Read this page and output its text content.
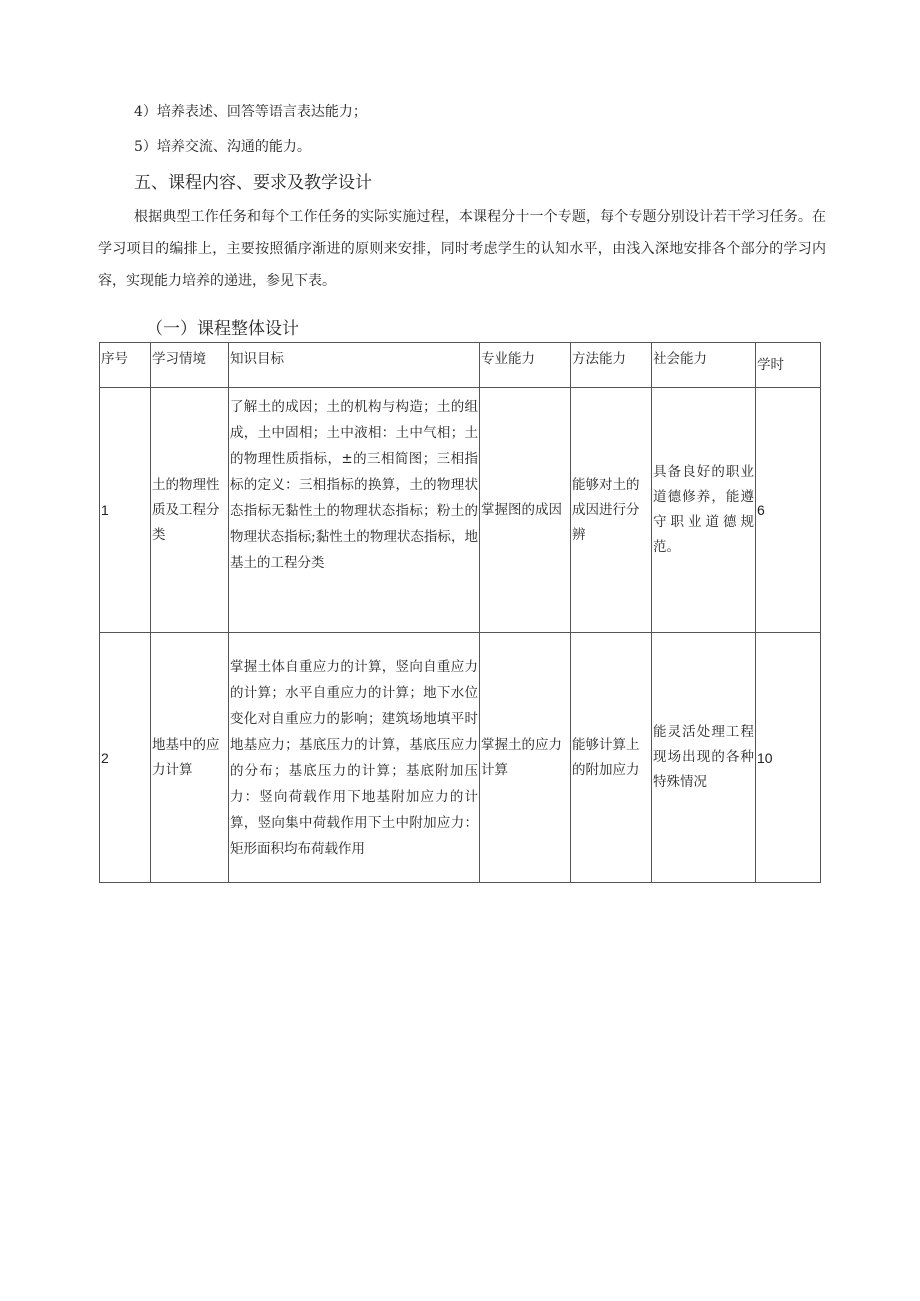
4）培养表述、回答等语言表达能力；
5）培养交流、沟通的能力。
五、课程内容、要求及教学设计
根据典型工作任务和每个工作任务的实际实施过程，本课程分十一个专题，每个专题分别设计若干学习任务。在学习项目的编排上，主要按照循序渐进的原则来安排，同时考虑学生的认知水平，由浅入深地安排各个部分的学习内容，实现能力培养的递进，参见下表。
（一）课程整体设计
序号	学习情境	知识目标	专业能力	方法能力	社会能力	学时
1	土的物理性质及工程分类	了解土的成因；土的机构与构造；土的组成，土中固相；土中液相：土中气相；土的物理性质指标，±的三相简图；三相指标的定义：三相指标的换算，土的物理状态指标无黏性土的物理状态指标；粉土的物理状态指标;黏性土的物理状态指标，地基土的工程分类	掌握图的成因	能够对土的成因进行分辨	具备良好的职业道德修养，能遵守职业道德规范。	6
2	地基中的应力计算	掌握土体自重应力的计算，竖向自重应力的计算；水平自重应力的计算；地下水位变化对自重应力的影响；建筑场地填平时地基应力；基底压力的计算，基底压应力的分布；基底压力的计算；基底附加压力：竖向荷载作用下地基附加应力的计算，竖向集中荷载作用下土中附加应力：矩形面积均布荷载作用	掌握土的应力计算	能够计算上的附加应力	能灵活处理工程现场出现的各种特殊情况	10
